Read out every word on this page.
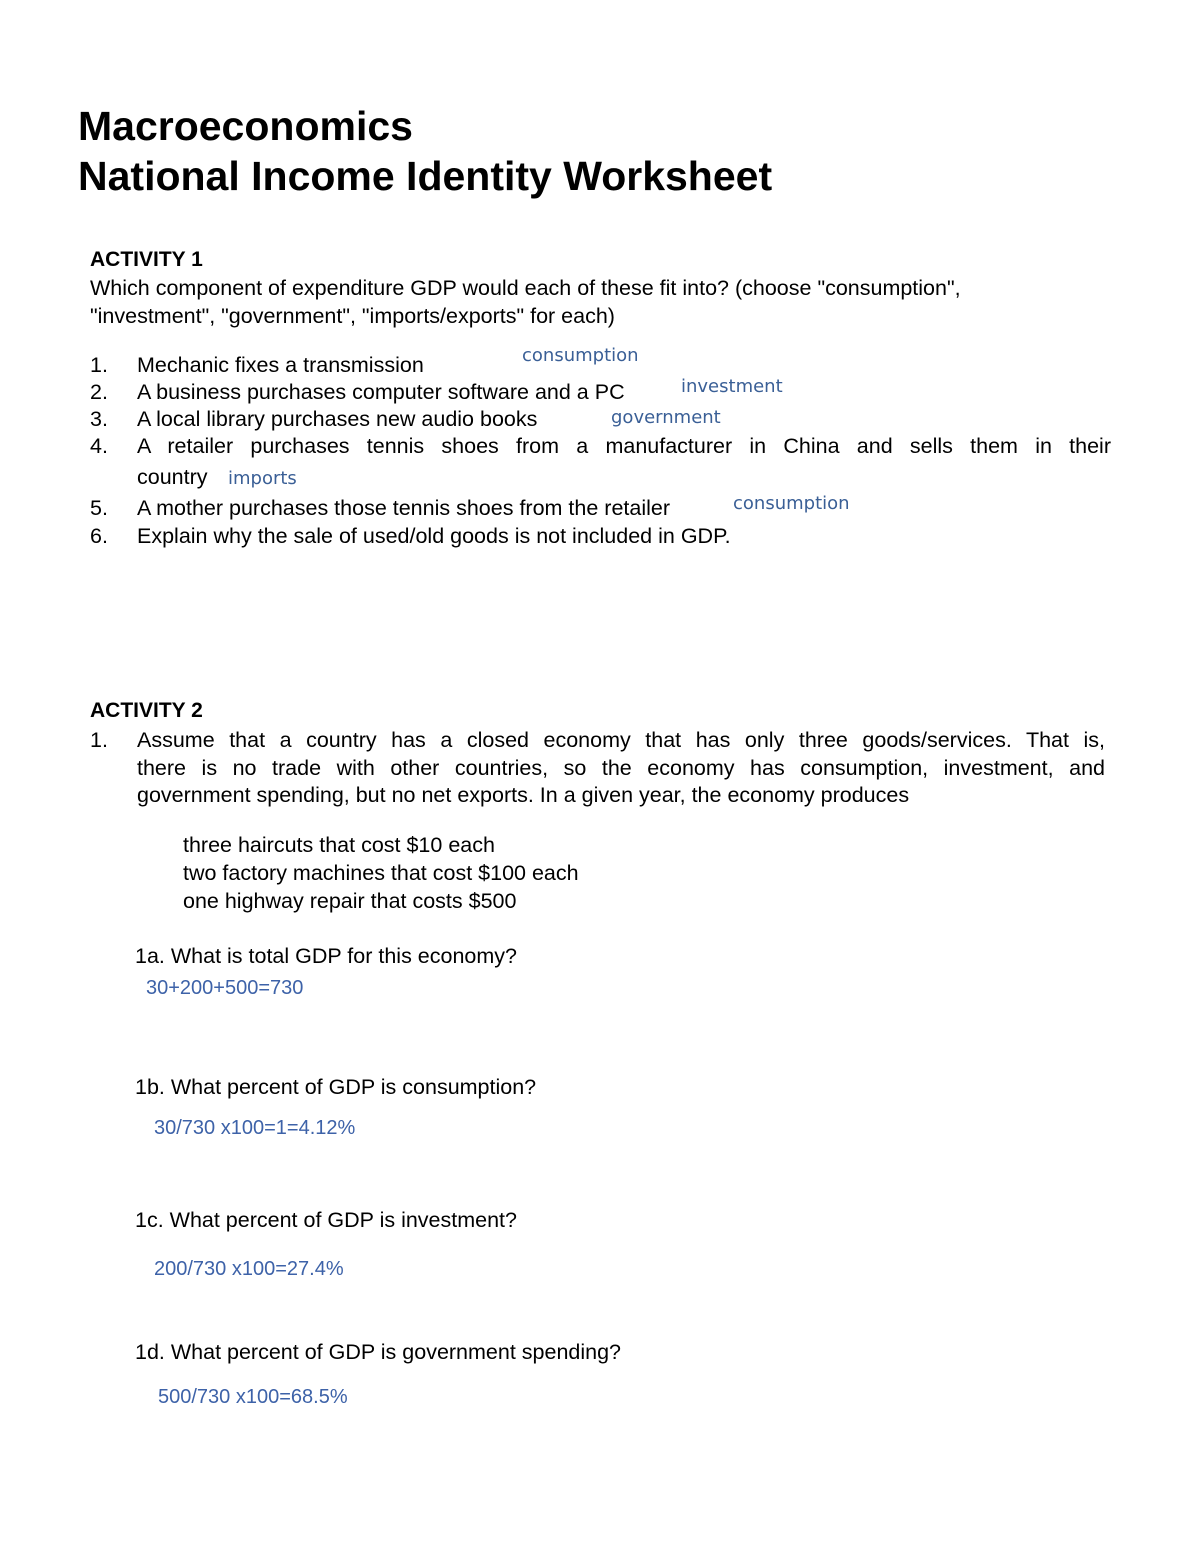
Macroeconomics
National Income Identity Worksheet
ACTIVITY 1
Which component of expenditure GDP would each of these fit into? (choose "consumption",
"investment", "government", "imports/exports" for each)
1. Mechanic fixes a transmission	consumption
2. A business purchases computer software and a PC	investment
3. A local library purchases new audio books	government
4. A retailer purchases tennis shoes from a manufacturer in China and sells them in their
country imports
5. A mother purchases those tennis shoes from the retailer	consumption
6. Explain why the sale of used/old goods is not included in GDP.
ACTIVITY 2
1. Assume that a country has a closed economy that has only three goods/services. That is,
there is no trade with other countries, so the economy has consumption, investment, and
government spending, but no net exports. In a given year, the economy produces
three haircuts that cost $10 each
two factory machines that cost $100 each
one highway repair that costs $500
1a. What is total GDP for this economy?
30+200+500=730
1b. What percent of GDP is consumption?
30/730 x100=1=4.12%
1c. What percent of GDP is investment?
200/730 x100=27.4%
1d. What percent of GDP is government spending?
500/730 x100=68.5%
